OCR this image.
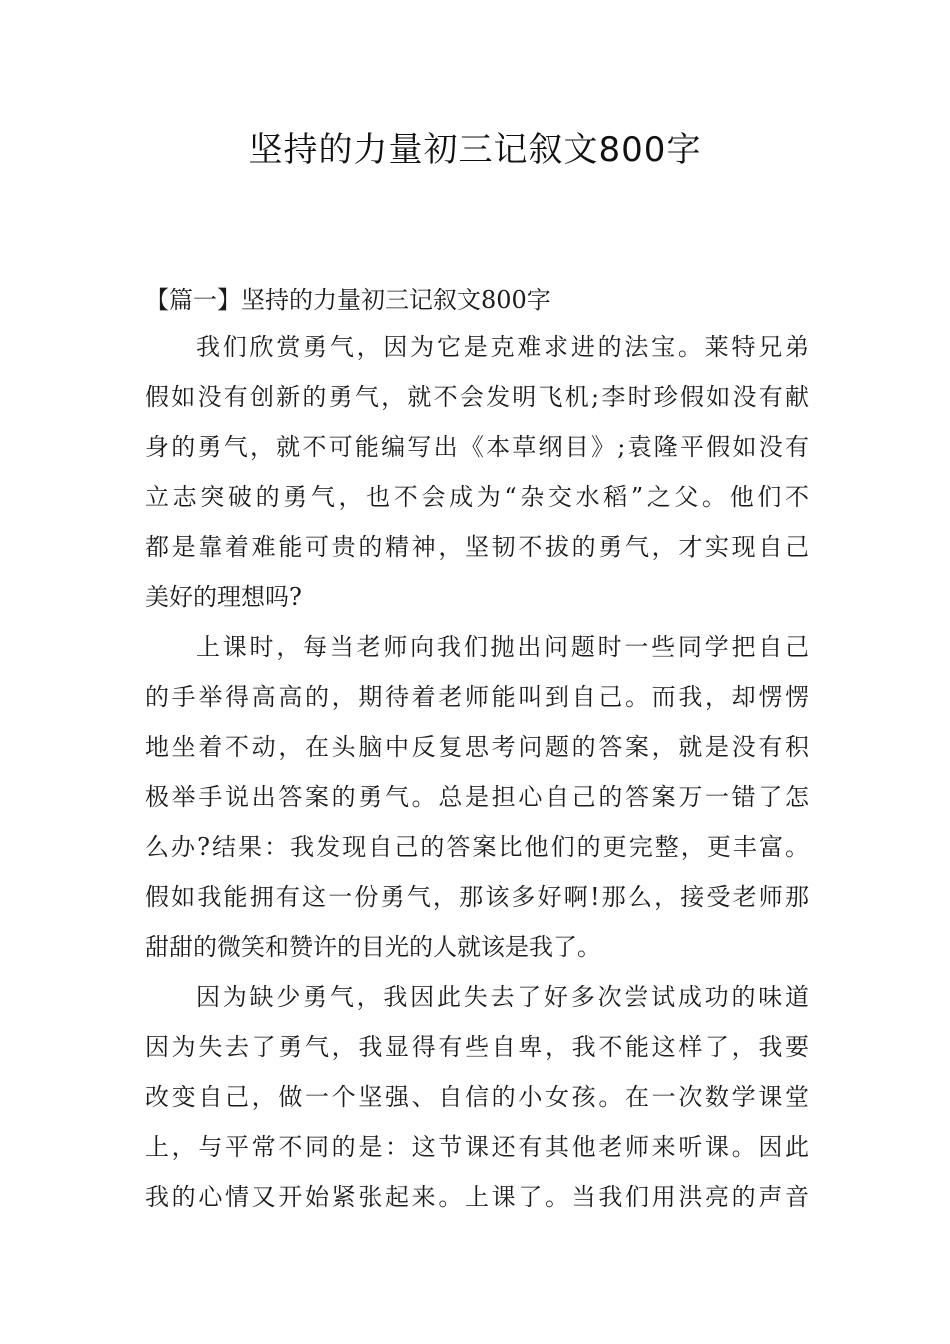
坚持的力量初三记叙文800字
【篇一】坚持的力量初三记叙文800字
我们欣赏勇气，因为它是克难求进的法宝。莱特兄弟
假如没有创新的勇气，就不会发明飞机;李时珍假如没有献
身的勇气，就不可能编写出《本草纲目》;袁隆平假如没有
立志突破的勇气，也不会成为“杂交水稻”之父。他们不
都是靠着难能可贵的精神，坚韧不拔的勇气，才实现自己
美好的理想吗?
上课时，每当老师向我们抛出问题时一些同学把自己
的手举得高高的，期待着老师能叫到自己。而我，却愣愣
地坐着不动，在头脑中反复思考问题的答案，就是没有积
极举手说出答案的勇气。总是担心自己的答案万一错了怎
么办?结果：我发现自己的答案比他们的更完整，更丰富。
假如我能拥有这一份勇气，那该多好啊!那么，接受老师那
甜甜的微笑和赞许的目光的人就该是我了。
因为缺少勇气，我因此失去了好多次尝试成功的味道
因为失去了勇气，我显得有些自卑，我不能这样了，我要
改变自己，做一个坚强、自信的小女孩。在一次数学课堂
上，与平常不同的是：这节课还有其他老师来听课。因此
我的心情又开始紧张起来。上课了。当我们用洪亮的声音
